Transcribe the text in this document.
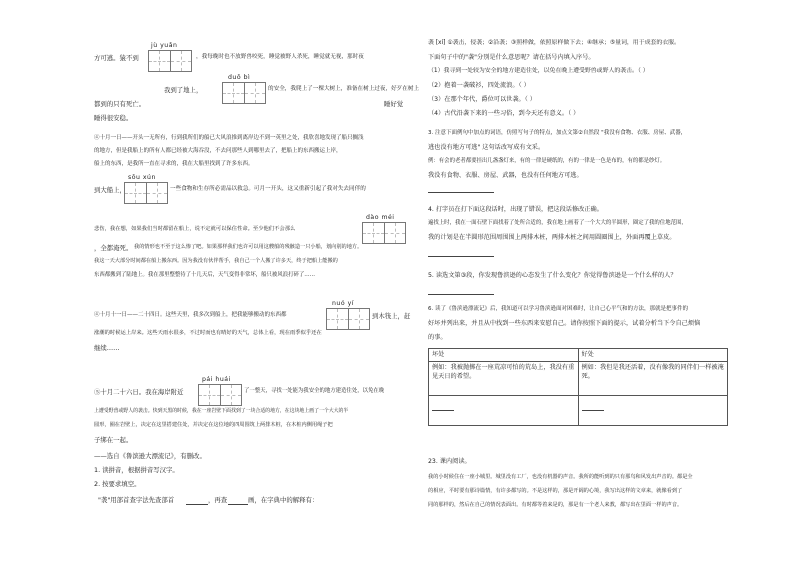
方可逃。猿不到
jù yuǎn
，我每晚时也不放野兽咬死，睡觉被野人杀死，睡觉就无视，那时夜
duō bì
我到了地上，	的安全，我爬上了一棵大树上，准备在树上过夜，好歹在树上
都到的只有死亡。	睡好觉
睡得很安稳。
④十月一日——开头一无所有，行到我所们的船已大风浪推到离岸边不到一英里之处，我欣喜地发现了船只搁浅
的地方，但是我船上的所有人都已经被大海吞没，不去问那些人到哪里去了，把船上的东西搬运上岸，
船上的东西，是我所一直在寻求的，我在大船里找到了许多东西。
sōu xún
到大船上，	一些食物和生存所必需品以救急。可月一开头，这又重新引起了我对失去同伴的
dào méi
悲伤，我在想，如果我们当时都留在船上，说不定就可以保住性命。至少他们不会那么
，全都淹死。 我的情形也不至于这么惨了吧。如果那样我们也许可以用这艘船的残骸造一只小船，划向别的地方。
我这一天大部分时间都在船上搬东西。因为我没有伙伴帮手，我自己一个人搬了许多天，终于把船上能搬的
东西都搬到了陆地上。我在那里整整待了十几天后，天气变得非常坏，船只被风浪打碎了……
④十月十一日——二十四日。这些天里，我多次到船上，把我能够搬动的东西都
nuó yí
到木筏上，赶
涨潮的时候运上岸来。这些天雨水很多，不过时而也有晴好的天气，总体上看，现在雨季似乎还在
继续……
pái huái
⑤十月二十六日。我在海岸附近	了一整天，寻找一处能为我安全的地方建造住处，以免在晚
上遭受野兽或野人的袭击。快到天黑的时候，我在一座岩壁下面找到了一块合适的地方，在这块地上画了一个大大的半
圆形，圈在岩壁上，决定在这里搭建住处，并决定在这位地的四周围筑上两排木桩，在木桩内侧用绳子把
子绑在一起。
——选自《鲁滨逊大漂流记》，有删改。
1. 读拼音，根据拼音写汉字。
2. 按要求填空。
"袭"用部首查字法先查部首	，再查	画，在字典中的解释有：
袭 [xí] ①袭击，侵袭；②沿袭；③照样做，依照原样做下去；④继承；⑤量词，用于成套的衣服。
下面句子中的"袭"分别是什么意思呢？请在括号内填入序号。
（1）我寻到一处较为安全的地方建造住处，以免在晚上遭受野兽或野人的袭击。（ ）
（2）抱着一袭破衫，四处流浪。（ ）
（3）在那个年代，爵位可以世袭。（ ）
（4）古代沿袭下来的一些习俗，到今天还有意义。（ ）
3. 注意下面例句中加点的词语，仿照写句子的特点，加点文第②自然段 "我没有食物、衣服、房屋、武器，
逃也没有地方可逃" 这句话改写成有文采。
例：有会的老者都要挂出几盏盏灯来，有的一律是硬纸的，有的一律是一色是布的，有的都是纱灯。
我没有食物、衣服、房屋、武器，也没有任何地方可逃。
4. 打字员在打下面这段话时，出现了错误，把这段话修改正确。
遍找上时，我在一面石壁下面找着了处所合适的，我在地上画着了一个大大的半圆形，圈定了我的住地范围，
我的计划是在半圆形范围周围围上两排木桩，两排木桩之间用圆圈围上，外面再覆上草皮。
5. 读选文第③段，你发现鲁滨逊的心态发生了什么变化？你觉得鲁滨逊是一个什么样的人？
6. 读了《鲁滨逊漂流记》后，我知道可以学习鲁滨逊面对困难时，让自己心平气和的方法，那就是把事件的
好坏并列出来，并且从中找到一些东西来安慰自己。请你按照下面的提示，试着分析当下令自己烦恼
的事。
坏处	好处
例如：我被抛掷在一座荒凉可怕的荒岛上，我没有重见天日的希望。	例如：我但是我还活着，没有像我的同伴们一样被淹死。

23. 课内阅读。
我的小时候住在一座小城里。城里没有工厂，也没有机器的声音。我所的能听到的只有那鸟和风发出声音的。都是全
的相应，平时要有那诗篇情，有许多都写的。不是这样的，那是开阔的心境，我写出这样的文章来，就像看到了
同的那样的，然后在自己的情况表面出。有时都等着来是的，那是有一个老人来教，都写出在里面一样的声音。
